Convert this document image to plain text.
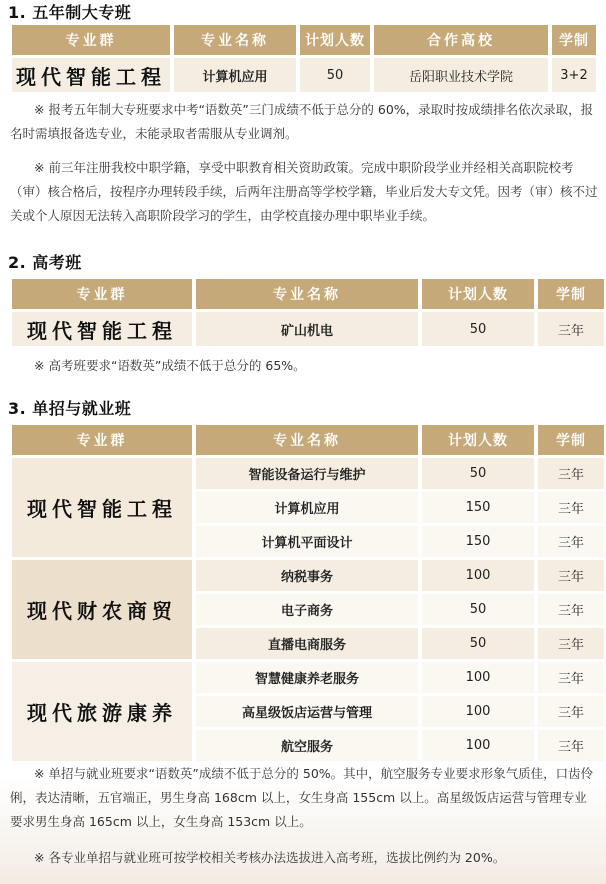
1. 五年制大专班
专业群	专业名称	计划人数	合作高校	学制
现代智能工程	计算机应用	50	岳阳职业技术学院	3+2

※ 报考五年制大专班要求中考“语数英”三门成绩不低于总分的 60%，录取时按成绩排名依次录取，报名时需填报备选专业，未能录取者需服从专业调剂。

※ 前三年注册我校中职学籍，享受中职教育相关资助政策。完成中职阶段学业并经相关高职院校考（审）核合格后，按程序办理转段手续，后两年注册高等学校学籍，毕业后发大专文凭。因考（审）核不过关或个人原因无法转入高职阶段学习的学生，由学校直接办理中职毕业手续。

2. 高考班
专业群	专业名称	计划人数	学制
现代智能工程	矿山机电	50	三年

※ 高考班要求“语数英”成绩不低于总分的 65%。

3. 单招与就业班
专业群	专业名称	计划人数	学制
现代智能工程	智能设备运行与维护	50	三年
	计算机应用	150	三年
	计算机平面设计	150	三年
现代财农商贸	纳税事务	100	三年
	电子商务	50	三年
	直播电商服务	50	三年
现代旅游康养	智慧健康养老服务	100	三年
	高星级饭店运营与管理	100	三年
	航空服务	100	三年

※ 单招与就业班要求“语数英”成绩不低于总分的 50%。其中，航空服务专业要求形象气质佳，口齿伶俐，表达清晰，五官端正，男生身高 168cm 以上，女生身高 155cm 以上。高星级饭店运营与管理专业要求男生身高 165cm 以上，女生身高 153cm 以上。

※ 各专业单招与就业班可按学校相关考核办法选拔进入高考班，选拔比例约为 20%。
